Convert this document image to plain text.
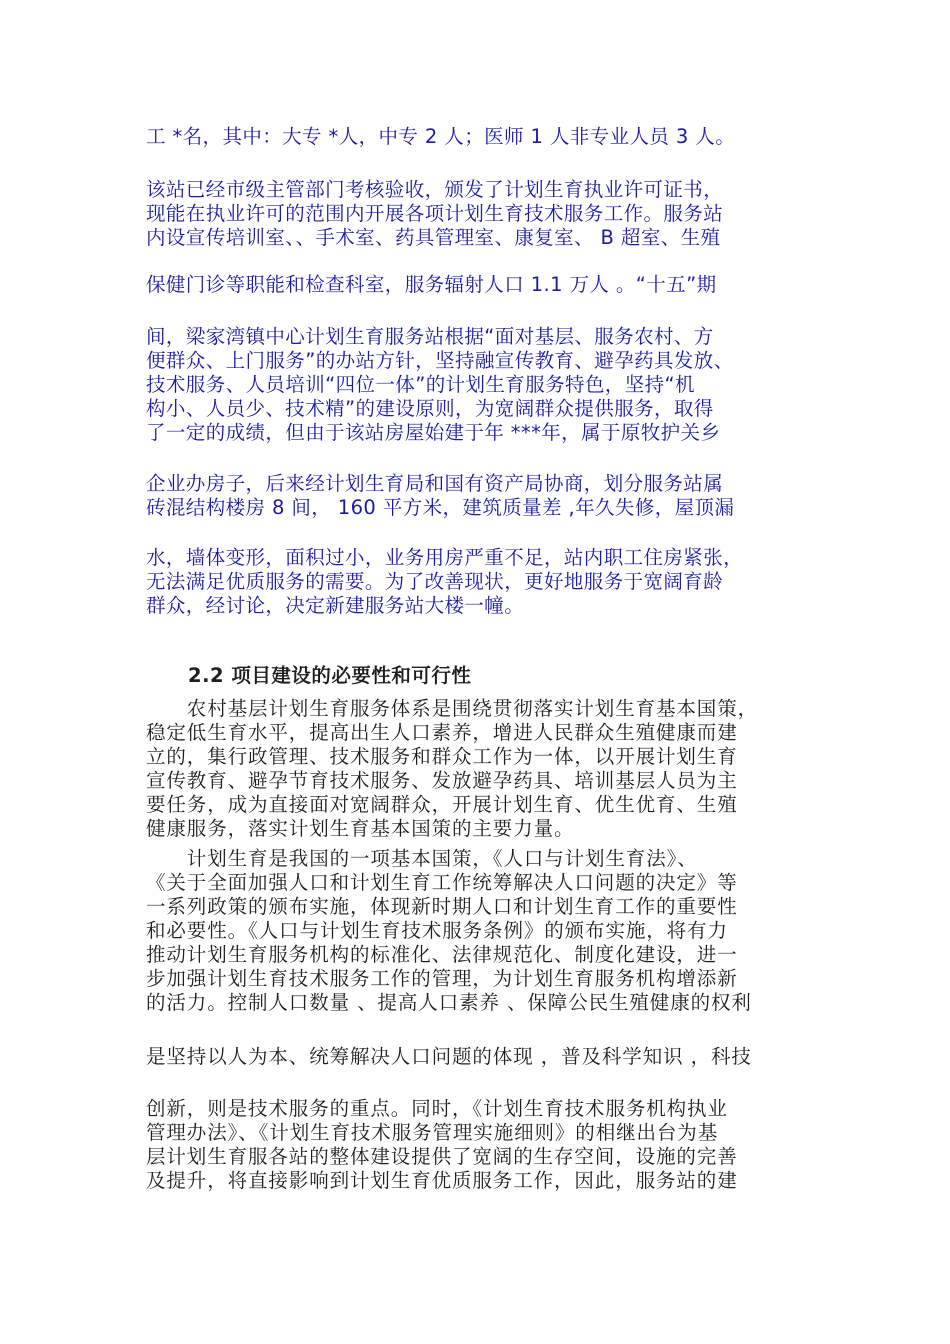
工 *名，其中：大专 *人，中专 2 人；医师 1 人非专业人员 3 人。
该站已经市级主管部门考核验收，颁发了计划生育执业许可证书，
现能在执业许可的范围内开展各项计划生育技术服务工作。服务站
内设宣传培训室、、手术室、药具管理室、康复室、 B 超室、生殖
保健门诊等职能和检查科室，服务辐射人口 1.1 万人 。“十五”期
间，梁家湾镇中心计划生育服务站根据“面对基层、服务农村、方
便群众、上门服务”的办站方针，坚持融宣传教育、避孕药具发放、
技术服务、人员培训“四位一体”的计划生育服务特色，坚持“机
构小、人员少、技术精”的建设原则，为宽阔群众提供服务，取得
了一定的成绩，但由于该站房屋始建于年 ***年，属于原牧护关乡
企业办房子，后来经计划生育局和国有资产局协商，划分服务站属
砖混结构楼房 8 间， 160 平方米，建筑质量差 ,年久失修，屋顶漏
水，墙体变形，面积过小，业务用房严重不足，站内职工住房紧张，
无法满足优质服务的需要。为了改善现状，更好地服务于宽阔育龄
群众，经讨论，决定新建服务站大楼一幢。
2.2 项目建设的必要性和可行性
　　农村基层计划生育服务体系是围绕贯彻落实计划生育基本国策，
稳定低生育水平，提高出生人口素养，增进人民群众生殖健康而建
立的，集行政管理、技术服务和群众工作为一体，以开展计划生育
宣传教育、避孕节育技术服务、发放避孕药具、培训基层人员为主
要任务，成为直接面对宽阔群众，开展计划生育、优生优育、生殖
健康服务，落实计划生育基本国策的主要力量。
　　计划生育是我国的一项基本国策，《人口与计划生育法》、
《关于全面加强人口和计划生育工作统筹解决人口问题的决定》等
一系列政策的颁布实施，体现新时期人口和计划生育工作的重要性
和必要性。《人口与计划生育技术服务条例》的颁布实施，将有力
推动计划生育服务机构的标准化、法律规范化、制度化建设，进一
步加强计划生育技术服务工作的管理，为计划生育服务机构增添新
的活力。控制人口数量 、提高人口素养 、保障公民生殖健康的权利
是坚持以人为本、统筹解决人口问题的体现 ，普及科学知识 ，科技
创新，则是技术服务的重点。同时，《计划生育技术服务机构执业
管理办法》、《计划生育技术服务管理实施细则》的相继出台为基
层计划生育服各站的整体建设提供了宽阔的生存空间，设施的完善
及提升，将直接影响到计划生育优质服务工作，因此，服务站的建
